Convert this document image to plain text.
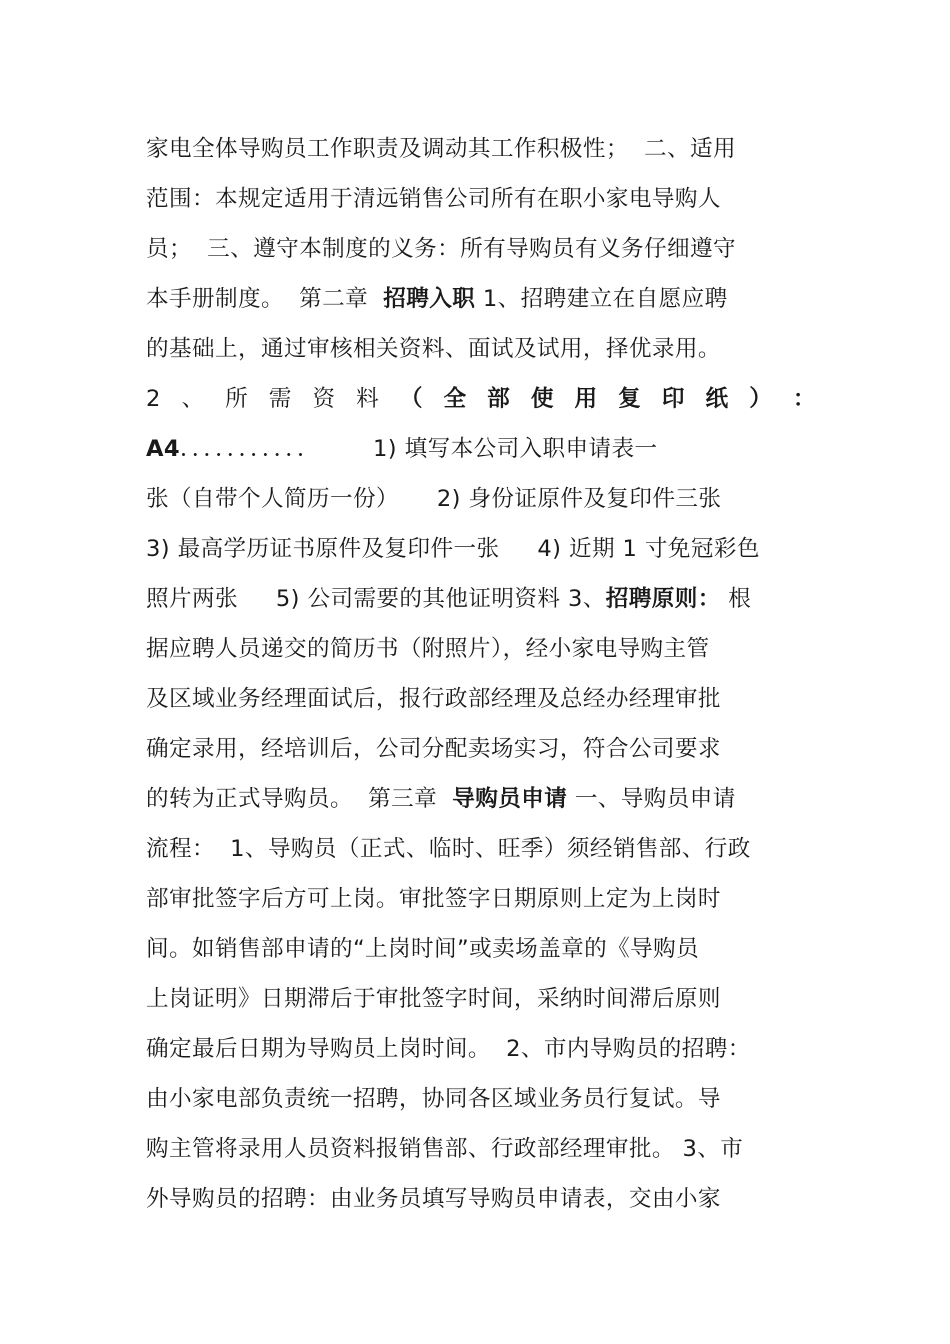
家电全体导购员工作职责及调动其工作积极性；  二、适用
范围：本规定适用于清远销售公司所有在职小家电导购人
员；  三、遵守本制度的义务：所有导购员有义务仔细遵守
本手册制度。  第二章  招聘入职 1、招聘建立在自愿应聘
的基础上，通过审核相关资料、面试及试用，择优录用。
2 、 所 需 资 料 （ 全 部 使 用 复 印 纸 ） ：
A4．．．．．．．．．．．       1) 填写本公司入职申请表一
张（自带个人简历一份）     2) 身份证原件及复印件三张
3) 最高学历证书原件及复印件一张     4) 近期 1 寸免冠彩色
照片两张     5) 公司需要的其他证明资料 3、招聘原则： 根
据应聘人员递交的简历书（附照片），经小家电导购主管
及区域业务经理面试后，报行政部经理及总经办经理审批
确定录用，经培训后，公司分配卖场实习，符合公司要求
的转为正式导购员。  第三章  导购员申请 一、导购员申请
流程：  1、导购员（正式、临时、旺季）须经销售部、行政
部审批签字后方可上岗。审批签字日期原则上定为上岗时
间。如销售部申请的“上岗时间”或卖场盖章的《导购员
上岗证明》日期滞后于审批签字时间，采纳时间滞后原则
确定最后日期为导购员上岗时间。  2、市内导购员的招聘：
由小家电部负责统一招聘，协同各区域业务员行复试。导
购主管将录用人员资料报销售部、行政部经理审批。 3、市
外导购员的招聘：由业务员填写导购员申请表，交由小家
